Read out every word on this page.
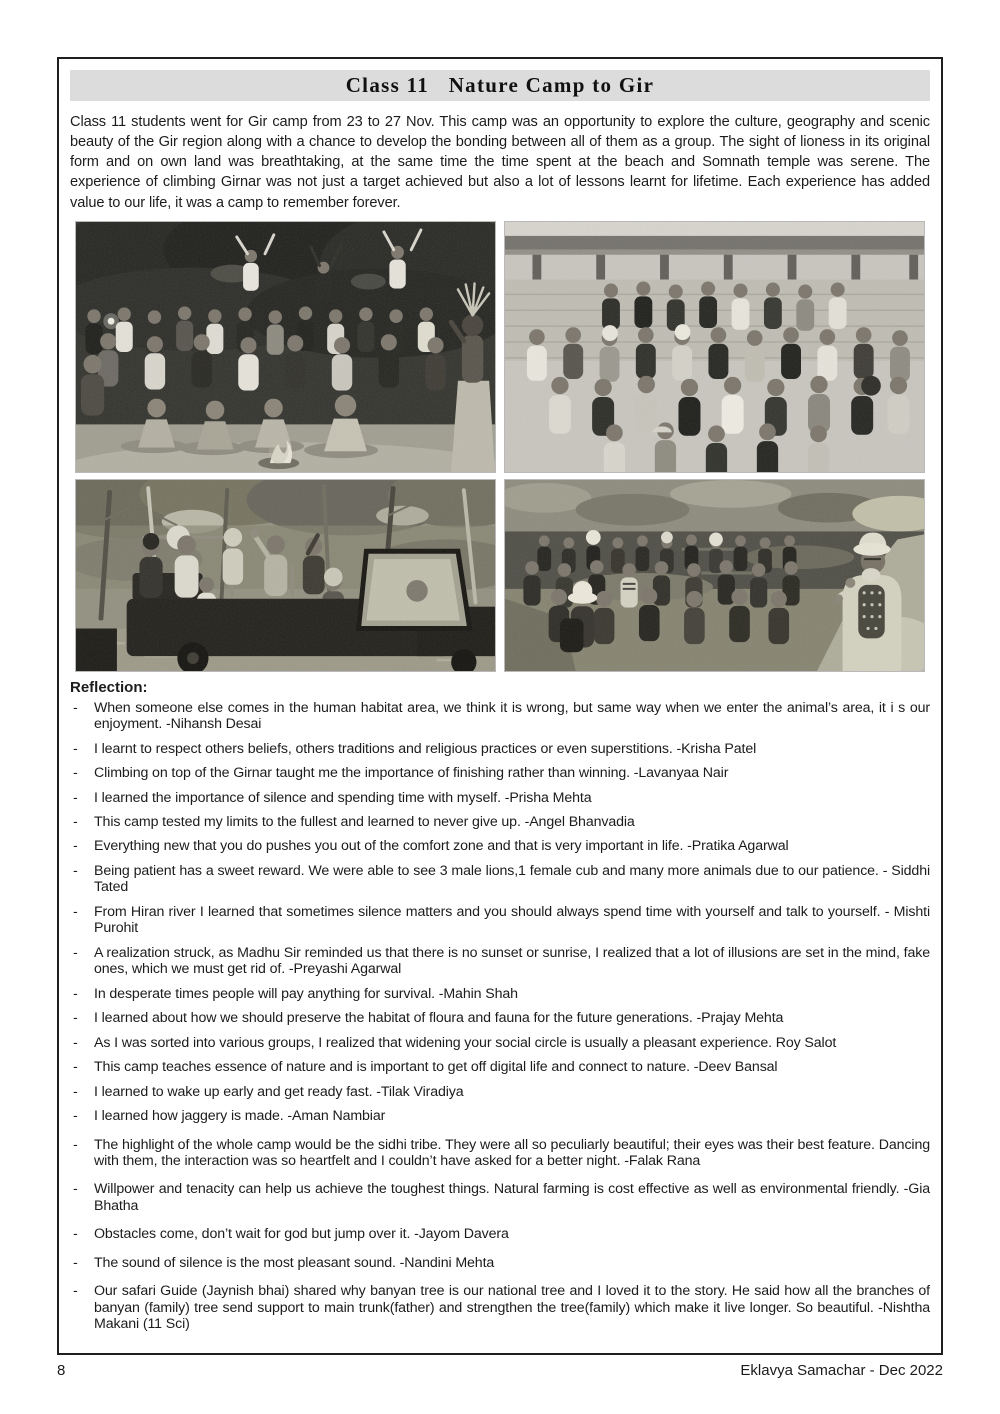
Class 11   Nature Camp to Gir

Class 11 students went for Gir camp from 23 to 27 Nov. This camp was an opportunity to explore the culture, geography and scenic beauty of the Gir region along with a chance to develop the bonding between all of them as a group. The sight of lioness in its original form and on own land was breathtaking, at the same time the time spent at the beach and Somnath temple was serene. The experience of climbing Girnar was not just a target achieved but also a lot of lessons learnt for lifetime. Each experience has added value to our life, it was a camp to remember forever.

Reflection:
-	When someone else comes in the human habitat area, we think it is wrong, but same way when we enter the animal’s area, it i s our enjoyment. -Nihansh Desai
-	I learnt to respect others beliefs, others traditions and religious practices or even superstitions. -Krisha Patel
-	Climbing on top of the Girnar taught me the importance of finishing rather than winning. -Lavanyaa Nair
-	I learned the importance of silence and spending time with myself. -Prisha Mehta
-	This camp tested my limits to the fullest and learned to never give up. -Angel Bhanvadia
-	Everything new that you do pushes you out of the comfort zone and that is very important in life. -Pratika Agarwal
-	Being patient has a sweet reward. We were able to see 3 male lions,1 female cub and many more animals due to our patience. - Siddhi Tated
-	From Hiran river I learned that sometimes silence matters and you should always spend time with yourself and talk to yourself. - Mishti Purohit
-	A realization struck, as Madhu Sir reminded us that there is no sunset or sunrise, I realized that a lot of illusions are set in the mind, fake ones, which we must get rid of. -Preyashi Agarwal
-	In desperate times people will pay anything for survival. -Mahin Shah
-	I learned about how we should preserve the habitat of floura and fauna for the future generations. -Prajay Mehta
-	As I was sorted into various groups, I realized that widening your social circle is usually a pleasant experience. Roy Salot
-	This camp teaches essence of nature and is important to get off digital life and connect to nature. -Deev Bansal
-	I learned to wake up early and get ready fast. -Tilak Viradiya
-	I learned how jaggery is made. -Aman Nambiar
-	The highlight of the whole camp would be the sidhi tribe. They were all so peculiarly beautiful; their eyes was their best feature. Dancing with them, the interaction was so heartfelt and I couldn’t have asked for a better night. -Falak Rana
-	Willpower and tenacity can help us achieve the toughest things. Natural farming is cost effective as well as environmental friendly. -Gia Bhatha
-	Obstacles come, don’t wait for god but jump over it. -Jayom Davera
-	The sound of silence is the most pleasant sound. -Nandini Mehta
-	Our safari Guide (Jaynish bhai) shared why banyan tree is our national tree and I loved it to the story. He said how all the branches of banyan (family) tree send support to main trunk(father) and strengthen the tree(family) which make it live longer. So beautiful. -Nishtha Makani (11 Sci)
8	Eklavya Samachar - Dec 2022
